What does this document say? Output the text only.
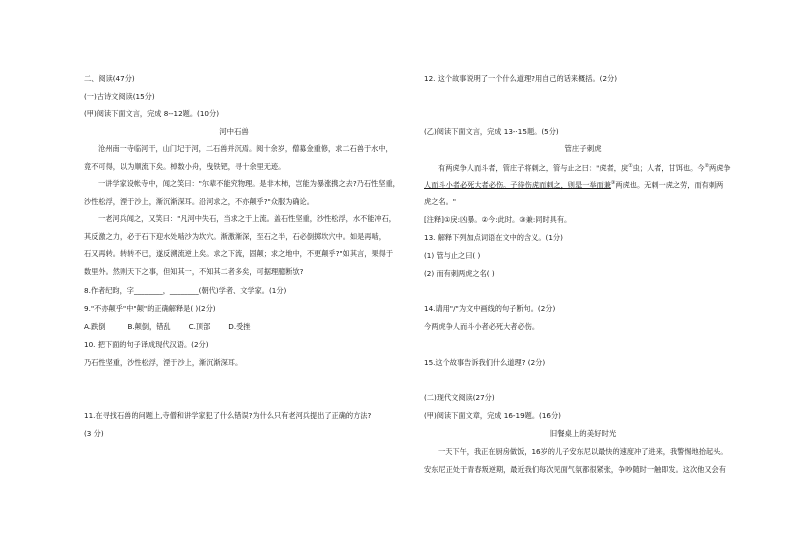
二、阅读(47分)
(一)古诗文阅读(15分)
(甲)阅读下面文言，完成 8--12题。(10分)
河中石兽
沧州南一寺临河干，山门圮于河，二石兽并沉焉。阅十余岁，僧募金重修，求二石兽于水中，
竟不可得，以为顺流下矣。棹数小舟，曳铁钯，寻十余里无迹。
一讲学家设帐寺中，闻之笑曰："尔辈不能究物理。是非木柿，岂能为暴涨携之去?乃石性坚重，
沙性松浮，湮于沙上，渐沉渐深耳。沿河求之，不亦颠乎?"众服为确论。
一老河兵闻之，又笑曰："凡河中失石，当求之于上流。盖石性坚重，沙性松浮，水不能冲石，
其反激之力，必于石下迎水处啮沙为坎穴。渐激渐深，至石之半，石必倒掷坎穴中。如是再啮，
石又再转。转转不已，遂反溯流逆上矣。求之下流，固颠；求之地中，不更颠乎?"如其言，果得于
数里外。然则天下之事，但知其一，不知其二者多矣，可据理臆断欤?
8.作者纪昀，字________，________(朝代)学者、文学家。(1分)
9."不亦颠乎"中"颠"的正确解释是( )(2分)
A.跌倒	B.颠倒，错乱	C.顶部	D.受挫
10. 把下面的句子译成现代汉语。(2分)
乃石性坚重，沙性松浮，湮于沙上，渐沉渐深耳。
11.在寻找石兽的问题上,寺僧和讲学家犯了什么错误?为什么只有老河兵提出了正确的方法?
(3 分)
12. 这个故事说明了一个什么道理?用自己的话来概括。(2分)
(乙)阅读下面文言，完成 13-·15题。(5分)
管庄子刺虎
有两虎争人而斗者，管庄子将刺之，管与止之曰："虎者，戾①虫；人者，甘饵也。今②两虎争
人而斗小者必死大者必伤。子待伤虎而刺之，则是一举而兼③两虎也。无刺一虎之劳，而有刺两
虎之名。"
[注释]①戾:凶暴。②今:此时。③兼:同时具有。
13. 解释下列加点词语在文中的含义。(1分)
(1) 管与止之曰( )
(2) 而有刺两虎之名( )
14.请用"/"为文中画线的句子断句。(2分)
今两虎争人而斗小者必死大者必伤。
15.这个故事告诉我们什么道理? (2分)
(二)现代文阅读(27分)
(甲)阅读下面文章，完成 16-19题。(16分)
旧餐桌上的美好时光
一天下午，我正在厨房做饭，16岁的儿子安东尼以最快的速度冲了进来，我警惕地抬起头。
安东尼正处于青春叛逆期，最近我们每次见面气氛都很紧张，争吵随时一触即发。这次他又会有
